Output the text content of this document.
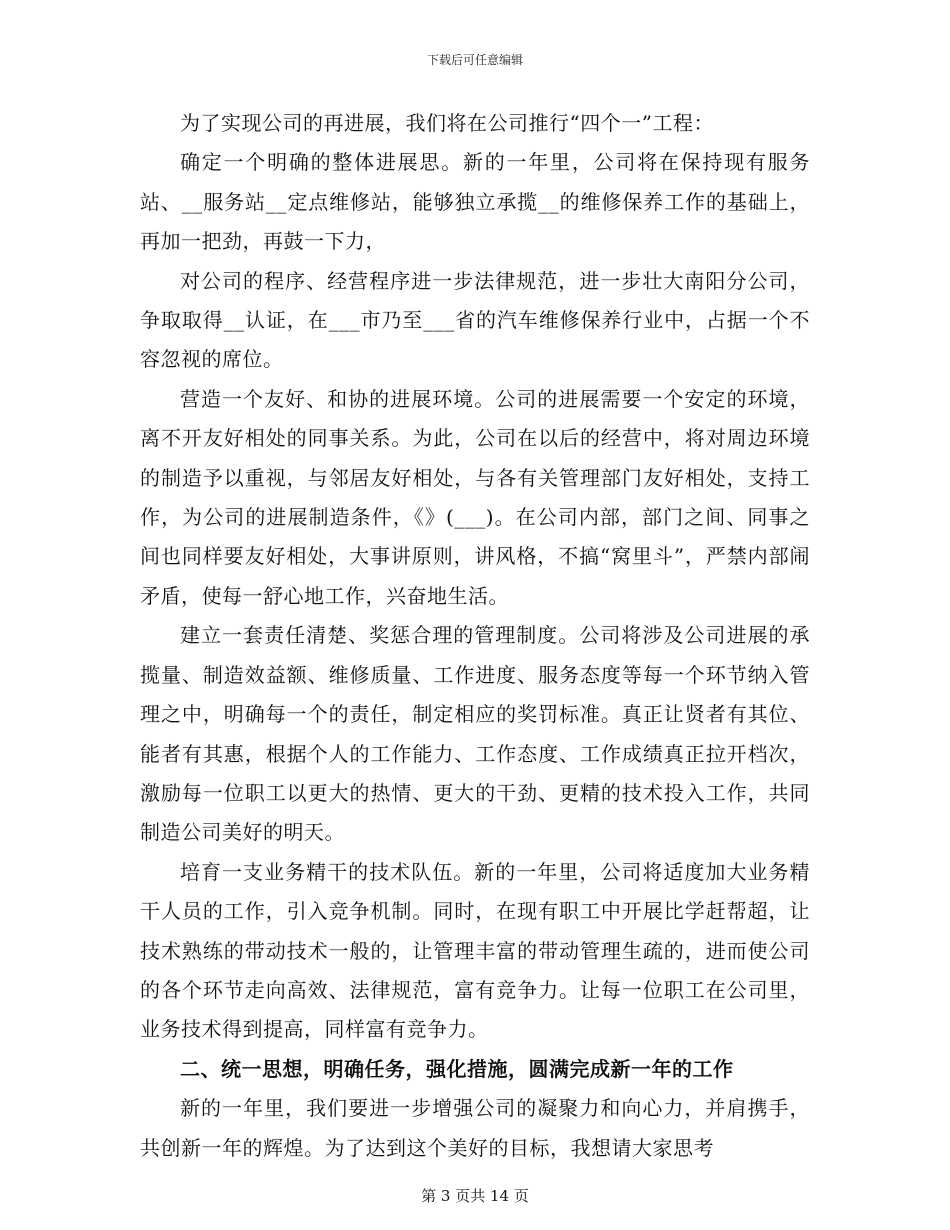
下载后可任意编辑

为了实现公司的再进展，我们将在公司推行“四个一”工程：

确定一个明确的整体进展思。新的一年里，公司将在保持现有服务站、__服务站__定点维修站，能够独立承揽__的维修保养工作的基础上，再加一把劲，再鼓一下力，

对公司的程序、经营程序进一步法律规范，进一步壮大南阳分公司，争取取得__认证，在___市乃至___省的汽车维修保养行业中，占据一个不容忽视的席位。

营造一个友好、和协的进展环境。公司的进展需要一个安定的环境，离不开友好相处的同事关系。为此，公司在以后的经营中，将对周边环境的制造予以重视，与邻居友好相处，与各有关管理部门友好相处，支持工作，为公司的进展制造条件，《》(___)。在公司内部，部门之间、同事之间也同样要友好相处，大事讲原则，讲风格，不搞“窝里斗”，严禁内部闹矛盾，使每一舒心地工作，兴奋地生活。

建立一套责任清楚、奖惩合理的管理制度。公司将涉及公司进展的承揽量、制造效益额、维修质量、工作进度、服务态度等每一个环节纳入管理之中，明确每一个的责任，制定相应的奖罚标准。真正让贤者有其位、能者有其惠，根据个人的工作能力、工作态度、工作成绩真正拉开档次，激励每一位职工以更大的热情、更大的干劲、更精的技术投入工作，共同制造公司美好的明天。

培育一支业务精干的技术队伍。新的一年里，公司将适度加大业务精干人员的工作，引入竞争机制。同时，在现有职工中开展比学赶帮超，让技术熟练的带动技术一般的，让管理丰富的带动管理生疏的，进而使公司的各个环节走向高效、法律规范，富有竞争力。让每一位职工在公司里，业务技术得到提高，同样富有竞争力。

二、统一思想，明确任务，强化措施，圆满完成新一年的工作

新的一年里，我们要进一步增强公司的凝聚力和向心力，并肩携手，共创新一年的辉煌。为了达到这个美好的目标，我想请大家思考

第 3 页共 14 页
